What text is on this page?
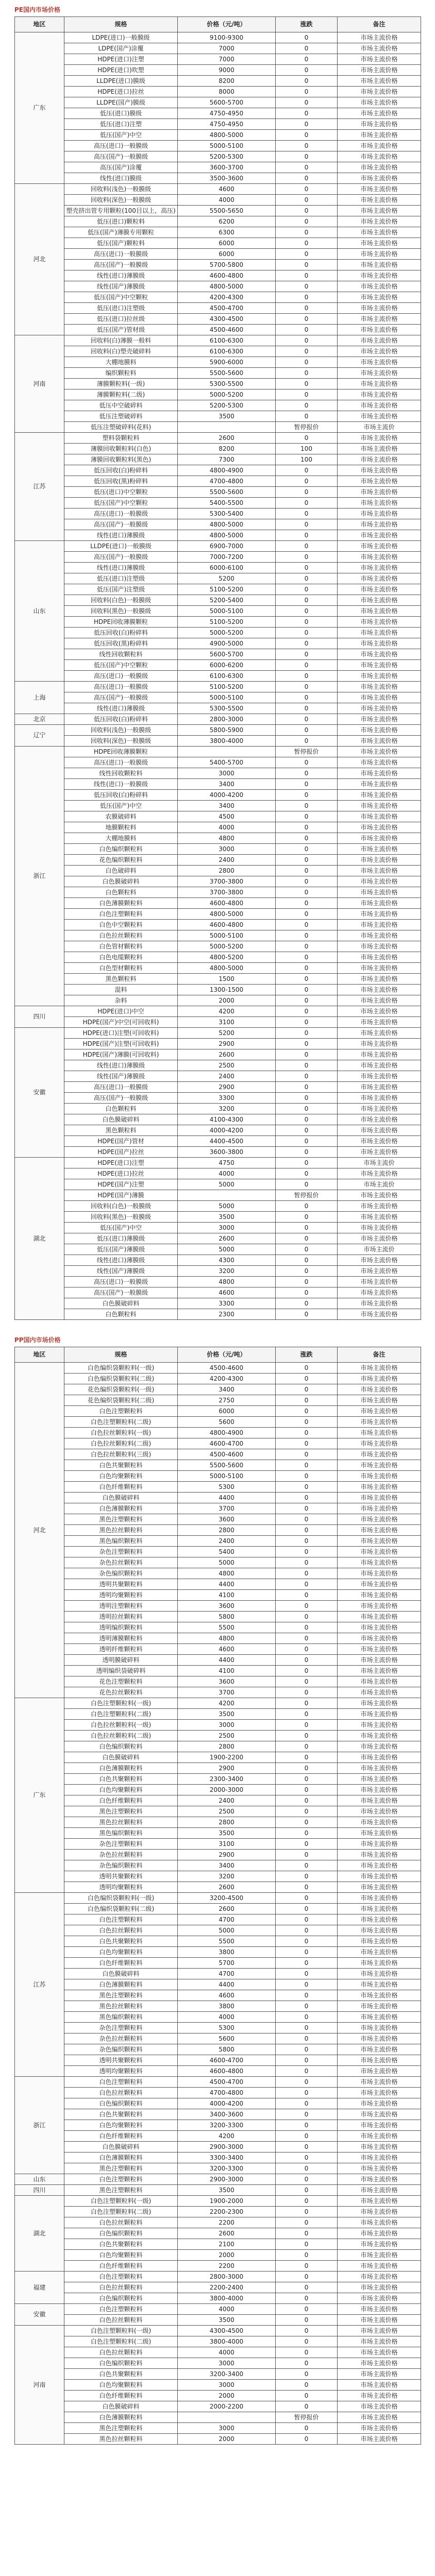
PE国内市场价格
地区	规格	价格（元/吨）	涨跌	备注
广东	LDPE(进口)一般膜级	9100-9300	0	市场主流价格
	LDPE(国产)涂覆	7000	0	市场主流价格
	HDPE(进口)注塑	7000	0	市场主流价格
	HDPE(进口)吹塑	9000	0	市场主流价格
	LLDPE(进口)膜级	8200	0	市场主流价格
	HDPE(进口)拉丝	8000	0	市场主流价格
	LLDPE(国产)膜级	5600-5700	0	市场主流价格
	低压(进口)膜级	4750-4950	0	市场主流价格
	低压(进口)注塑	4750-4950	0	市场主流价格
	低压(国产)中空	4800-5000	0	市场主流价格
	高压(进口)一般膜级	5000-5100	0	市场主流价格
	高压(国产)一般膜级	5200-5300	0	市场主流价格
	高压(国产)涂覆	3600-3700	0	市场主流价格
	线性(进口)膜级	3500-3600	0	市场主流价格
河北	回收料(浅色)一般膜级	4600	0	市场主流价格
	回收料(深色)一般膜级	4000	0	市场主流价格
	塑壳挤出管专用颗粒(100目以上，高压)	5500-5650	0	市场主流价格
	低压(进口)颗粒料	6200	0	市场主流价格
	低压(国产)薄膜专用颗粒	6300	0	市场主流价格
	低压(国产)颗粒料	6000	0	市场主流价格
	高压(进口)一般膜级	6000	0	市场主流价格
	高压(国产)一般膜级	5700-5800	0	市场主流价格
	线性(进口)薄膜级	4600-4800	0	市场主流价格
	线性(国产)薄膜级	4800-5000	0	市场主流价格
	低压(国产)中空颗粒	4200-4300	0	市场主流价格
	低压(进口)注塑级	4500-4700	0	市场主流价格
	低压(进口)拉丝级	4300-4500	0	市场主流价格
	低压(国产)管材级	4500-4600	0	市场主流价格
河南	回收料(白)薄膜一般料	6100-6300	0	市场主流价格
	回收料(白)塑壳破碎料	6100-6300	0	市场主流价格
	大棚地膜料	5900-6000	0	市场主流价格
	编织颗粒料	5500-5600	0	市场主流价格
	薄膜颗粒料(一级)	5300-5500	0	市场主流价格
	薄膜颗粒料(二级)	5000-5200	0	市场主流价格
	低压中空破碎料	5200-5300	0	市场主流价格
	低压注塑破碎料	3500	0	市场主流价格
	低压注塑破碎料(花料)		暂停报价	市场主流价
江苏	塑料袋颗粒料	2600	0	市场主流价格
	薄膜回收颗粒料(白色)	8200	100	市场主流价格
	薄膜回收颗粒料(黑色)	7300	100	市场主流价格
	低压回收(白)粉碎料	4800-4900	0	市场主流价格
	低压回收(黑)粉碎料	4700-4800	0	市场主流价格
	低压(进口)中空颗粒	5500-5600	0	市场主流价格
	低压(国产)中空颗粒	5400-5500	0	市场主流价格
	高压(进口)一般膜级	5300-5400	0	市场主流价格
	高压(国产)一般膜级	4800-5000	0	市场主流价格
	线性(进口)薄膜级	4800-5000	0	市场主流价格
山东	LLDPE(进口)一般膜级	6900-7000	0	市场主流价格
	高压(国产)一般膜级	7000-7200	0	市场主流价格
	线性(进口)薄膜级	6000-6100	0	市场主流价格
	低压(进口)注塑级	5200	0	市场主流价格
	低压(国产)注塑级	5100-5200	0	市场主流价格
	回收料(白色)一般膜级	5200-5400	0	市场主流价格
	回收料(黑色)一般膜级	5000-5100	0	市场主流价格
	HDPE回收薄膜颗粒	5100-5200	0	市场主流价格
	低压回收(白)粉碎料	5000-5200	0	市场主流价格
	低压回收(黑)粉碎料	4900-5000	0	市场主流价格
	线性回收颗粒料	5600-5700	0	市场主流价格
	低压(国产)中空颗粒	6000-6200	0	市场主流价格
	高压(进口)一般膜级	6100-6300	0	市场主流价格
上海	高压(进口)一般膜级	5100-5200	0	市场主流价格
	高压(国产)一般膜级	5000-5100	0	市场主流价格
	线性(进口)薄膜级	5300-5500	0	市场主流价格
北京	低压回收(白)粉碎料	2800-3000	0	市场主流价格
辽宁	回收料(浅色)一般膜级	5800-5900	0	市场主流价格
	回收料(深色)一般膜级	3800-4000	0	市场主流价格
浙江	HDPE回收薄膜颗粒		暂停报价	市场主流价格
	高压(进口)一般膜级	5400-5700	0	市场主流价格
	线性回收颗粒料	3000	0	市场主流价格
	线性(进口)一般膜级	3400	0	市场主流价格
	低压回收(白)粉碎料	4000-4200	0	市场主流价格
	低压(国产)中空	3400	0	市场主流价格
	农膜破碎料	4500	0	市场主流价格
	地膜颗粒料	4000	0	市场主流价格
	大棚地膜料	4800	0	市场主流价格
	白色编织颗粒料	3000	0	市场主流价格
	花色编织颗粒料	2400	0	市场主流价格
	白色破碎料	2800	0	市场主流价格
	白色膜破碎料	3700-3800	0	市场主流价格
	白色颗粒料	3700-3800	0	市场主流价格
	白色薄膜颗粒料	4600-4800	0	市场主流价格
	白色注塑颗粒料	4800-5000	0	市场主流价格
	白色中空颗粒料	4600-4800	0	市场主流价格
	白色拉丝颗粒料	5000-5100	0	市场主流价格
	白色管材颗粒料	5000-5200	0	市场主流价格
	白色电缆颗粒料	4800-5200	0	市场主流价格
	白色型材颗粒料	4800-5000	0	市场主流价格
	黑色颗粒料	1500	0	市场主流价格
	混料	1300-1500	0	市场主流价格
	杂料	2000	0	市场主流价格
四川	HDPE(进口)中空	4200	0	市场主流价格
	HDPE(国产)中空(可回收料)	3100	0	市场主流价格
安徽	HDPE(进口)注塑(可回收料)	5200	0	市场主流价格
	HDPE(国产)注塑(可回收料)	2900	0	市场主流价格
	HDPE(国产)薄膜(可回收料)	2600	0	市场主流价格
	线性(进口)薄膜级	2500	0	市场主流价格
	线性(国产)薄膜级	2400	0	市场主流价格
	高压(进口)一般膜级	2900	0	市场主流价格
	高压(国产)一般膜级	3300	0	市场主流价格
	白色颗粒料	3200	0	市场主流价格
	白色膜破碎料	4100-4300	0	市场主流价格
	黑色颗粒料	4000-4200	0	市场主流价格
	HDPE(国产)管材	4400-4500	0	市场主流价格
	HDPE(国产)拉丝	3600-3800	0	市场主流价格
湖北	HDPE(进口)注塑	4750	0	市场主流价
	HDPE(进口)拉丝	4000	0	市场主流价格
	HDPE(国产)注塑	5000	0	市场主流价
	HDPE(国产)薄膜		暂停报价	市场主流价格
	回收料(白色)一般膜级	5000	0	市场主流价格
	回收料(黑色)一般膜级	3500	0	市场主流价格
	低压(国产)中空	3000	0	市场主流价格
	低压(进口)薄膜级	2600	0	市场主流价格
	低压(国产)薄膜级	5000	0	市场主流价
	线性(进口)薄膜级	4300	0	市场主流价格
	线性(国产)薄膜级	3200	0	市场主流价格
	高压(进口)一般膜级	4800	0	市场主流价格
	高压(国产)一般膜级	4600	0	市场主流价格
	白色膜破碎料	3300	0	市场主流价格
	白色颗粒料	2300	0	市场主流价格
PP国内市场价格
地区	规格	价格（元/吨）	涨跌	备注
河北	白色编织袋颗粒料(一级)	4500-4600	0	市场主流价格
	白色编织袋颗粒料(二级)	4200-4300	0	市场主流价格
	花色编织袋颗粒料(一级)	3400	0	市场主流价格
	花色编织袋颗粒料(二级)	2750	0	市场主流价格
	白色注塑颗粒料	6000	0	市场主流价格
	白色注塑颗粒料(二级)	5600	0	市场主流价格
	白色拉丝颗粒料(一级)	4800-4900	0	市场主流价格
	白色拉丝颗粒料(二级)	4600-4700	0	市场主流价格
	白色拉丝颗粒料(三级)	4500-4600	0	市场主流价格
	白色共聚颗粒料	5500-5600	0	市场主流价格
	白色均聚颗粒料	5000-5100	0	市场主流价格
	白色纤维颗粒料	5300	0	市场主流价格
	白色膜破碎料	4400	0	市场主流价格
	白色薄膜颗粒料	3700	0	市场主流价格
	黑色注塑颗粒料	3600	0	市场主流价格
	黑色拉丝颗粒料	2800	0	市场主流价格
	黑色编织颗粒料	2400	0	市场主流价格
	杂色注塑颗粒料	5400	0	市场主流价格
	杂色拉丝颗粒料	5000	0	市场主流价格
	杂色编织颗粒料	4800	0	市场主流价格
	透明共聚颗粒料	4400	0	市场主流价格
	透明均聚颗粒料	4100	0	市场主流价格
	透明注塑颗粒料	3600	0	市场主流价格
	透明拉丝颗粒料	5800	0	市场主流价格
	透明编织颗粒料	5500	0	市场主流价格
	透明薄膜颗粒料	4800	0	市场主流价格
	透明纤维颗粒料	4600	0	市场主流价格
	透明膜破碎料	4400	0	市场主流价格
	透明编织袋破碎料	4100	0	市场主流价格
	花色注塑颗粒料	3600	0	市场主流价格
	花色拉丝颗粒料	3700	0	市场主流价格
广东	白色注塑颗粒料(一级)	4200	0	市场主流价格
	白色注塑颗粒料(二级)	3500	0	市场主流价格
	白色拉丝颗粒料(一级)	3000	0	市场主流价格
	白色拉丝颗粒料(二级)	2500	0	市场主流价格
	白色编织颗粒料	2800	0	市场主流价格
	白色膜破碎料	1900-2200	0	市场主流价格
	白色薄膜颗粒料	2900	0	市场主流价格
	白色共聚颗粒料	2300-3400	0	市场主流价格
	白色均聚颗粒料	2000-3000	0	市场主流价格
	白色纤维颗粒料	2400	0	市场主流价格
	黑色注塑颗粒料	2500	0	市场主流价格
	黑色拉丝颗粒料	2800	0	市场主流价格
	黑色编织颗粒料	3500	0	市场主流价格
	杂色注塑颗粒料	3100	0	市场主流价格
	杂色拉丝颗粒料	2900	0	市场主流价格
	杂色编织颗粒料	3400	0	市场主流价格
	透明共聚颗粒料	3200	0	市场主流价格
	透明均聚颗粒料	2600	0	市场主流价格
江苏	白色编织袋颗粒料(一级)	3200-4500	0	市场主流价格
	白色编织袋颗粒料(二级)	2600	0	市场主流价格
	白色注塑颗粒料	4700	0	市场主流价格
	白色拉丝颗粒料	5000	0	市场主流价格
	白色共聚颗粒料	5500	0	市场主流价格
	白色均聚颗粒料	3800	0	市场主流价格
	白色纤维颗粒料	5700	0	市场主流价格
	白色膜破碎料	4700	0	市场主流价格
	白色薄膜颗粒料	4400	0	市场主流价格
	黑色注塑颗粒料	4600	0	市场主流价格
	黑色拉丝颗粒料	3800	0	市场主流价格
	黑色编织颗粒料	4000	0	市场主流价格
	杂色注塑颗粒料	5300	0	市场主流价格
	杂色拉丝颗粒料	5600	0	市场主流价格
	杂色编织颗粒料	5800	0	市场主流价格
	透明共聚颗粒料	4600-4700	0	市场主流价格
	透明均聚颗粒料	4600-4800	0	市场主流价格
浙江	白色注塑颗粒料	4500-4700	0	市场主流价格
	白色拉丝颗粒料	4700-4800	0	市场主流价格
	白色编织颗粒料	4000-4200	0	市场主流价格
	白色共聚颗粒料	3400-3600	0	市场主流价格
	白色均聚颗粒料	3200-3300	0	市场主流价格
	白色纤维颗粒料	4200	0	市场主流价格
	白色膜破碎料	2900-3000	0	市场主流价格
	白色薄膜颗粒料	3300-3400	0	市场主流价格
	黑色注塑颗粒料	3200-3300	0	市场主流价格
山东	白色注塑颗粒料	2900-3000	0	市场主流价格
四川	黑色注塑颗粒料	3500	0	市场主流价格
湖北	白色注塑颗粒料(一级)	1900-2000	0	市场主流价格
	白色注塑颗粒料(二级)	2200-2300	0	市场主流价格
	白色拉丝颗粒料	2200	0	市场主流价格
	白色编织颗粒料	2600	0	市场主流价格
	白色共聚颗粒料	2100	0	市场主流价格
	白色均聚颗粒料	2000	0	市场主流价格
	白色纤维颗粒料	2200	0	市场主流价格
福建	白色注塑颗粒料	2800-3000	0	市场主流价格
	白色拉丝颗粒料	2200-2400	0	市场主流价格
	白色编织颗粒料	3800-4000	0	市场主流价格
安徽	白色注塑颗粒料	4000	0	市场主流价格
	白色拉丝颗粒料	3500	0	市场主流价格
河南	白色注塑颗粒料(一级)	4300-4500	0	市场主流价格
	白色注塑颗粒料(二级)	3800-4000	0	市场主流价格
	白色拉丝颗粒料	4000	0	市场主流价格
	白色编织颗粒料	3000	0	市场主流价格
	白色共聚颗粒料	3200-3400	0	市场主流价格
	白色均聚颗粒料	3000	0	市场主流价格
	白色纤维颗粒料	2000	0	市场主流价格
	白色膜破碎料	2000-2200	0	市场主流价格
	白色薄膜颗粒料		暂停报价	市场主流价格
	黑色注塑颗粒料	3000	0	市场主流价格
	黑色拉丝颗粒料	2000	0	市场主流价格
